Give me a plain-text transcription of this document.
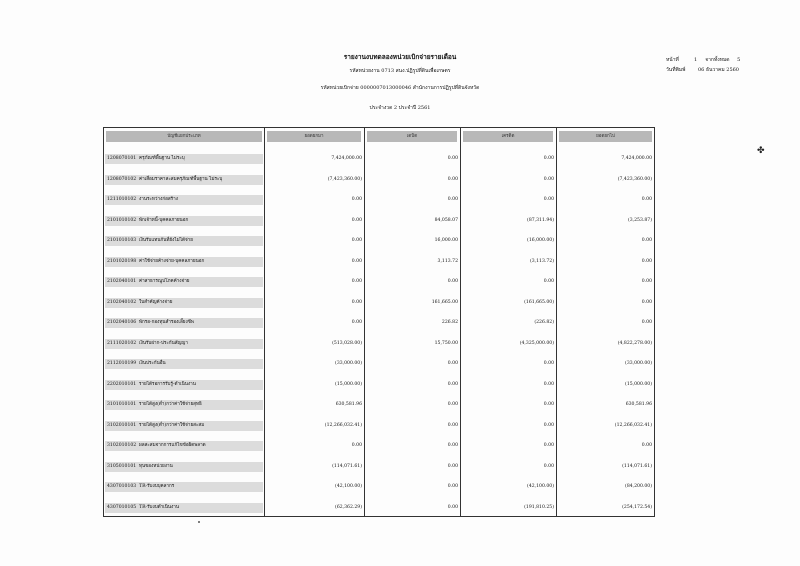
รายงานงบทดลองหน่วยเบิกจ่ายรายเดือน
รหัสหน่วยงาน 0713 สนง.ปฏิรูปที่ดินเพื่อเกษตร
รหัสหน่วยเบิกจ่าย 0000007013000046 สำนักงานการปฏิรูปที่ดินจังหวัด
ประจำงวด 2 ประจำปี 2561
หน้าที่	1 จากทั้งหมด 5
วันที่พิมพ์	06 ธันวาคม 2560
บัญชีแยกประเภท	ยอดยกมา	เดบิต	เครดิต	ยอดยกไป
1208070101 ครุภัณฑ์พื้นฐาน ไม่ระบุ	7,424,000.00	0.00	0.00	7,424,000.00
1208070102 ค่าเสื่อมราคาสะสมครุภัณฑ์พื้นฐาน ไม่ระบุ	(7,423,360.00)	0.00	0.00	(7,423,360.00)
1211010102 งานระหว่างก่อสร้าง	0.00	0.00	0.00	0.00
2101010102 พักเจ้าหนี้-บุคคลภายนอก	0.00	84,058.07	(87,311.94)	(3,253.87)
2101010103 เงินรับแทนกันที่ยังไม่ได้จ่าย	0.00	16,000.00	(16,000.00)	0.00
2101020198 ค่าใช้จ่ายค้างจ่าย-บุคคลภายนอก	0.00	3,113.72	(3,113.72)	0.00
2102040101 ค่าสาธารณูปโภคค้างจ่าย	0.00	0.00	0.00	0.00
2102040102 ใบสำคัญค้างจ่าย	0.00	161,665.00	(161,665.00)	0.00
2102040106 พักรอ-กองทุนสำรองเลี้ยงชีพ	0.00	226.82	(226.82)	0.00
2111020102 เงินรับฝาก-ประกันสัญญา	(513,028.00)	15,750.00	(4,325,000.00)	(4,822,278.00)
2112010199 เงินประกันอื่น	(33,000.00)	0.00	0.00	(33,000.00)
2202010101 รายได้รอการรับรู้-ดำเนินงาน	(15,000.00)	0.00	0.00	(15,000.00)
3101010101 รายได้สูง(ต่ำ)กว่าค่าใช้จ่ายสุทธิ	630,581.96	0.00	0.00	630,581.96
3102010101 รายได้สูง(ต่ำ)กว่าค่าใช้จ่ายสะสม	(12,266,032.41)	0.00	0.00	(12,266,032.41)
3102010102 ผลสะสมจากการแก้ไขข้อผิดพลาด	0.00	0.00	0.00	0.00
3105010101 ทุนของหน่วยงาน	(114,071.61)	0.00	0.00	(114,071.61)
4307010103 TR-รับงบบุคลากร	(42,100.00)	0.00	(42,100.00)	(84,200.00)
4307010105 TR-รับงบดำเนินงาน	(62,362.29)	0.00	(191,810.25)	(254,172.54)
✤
